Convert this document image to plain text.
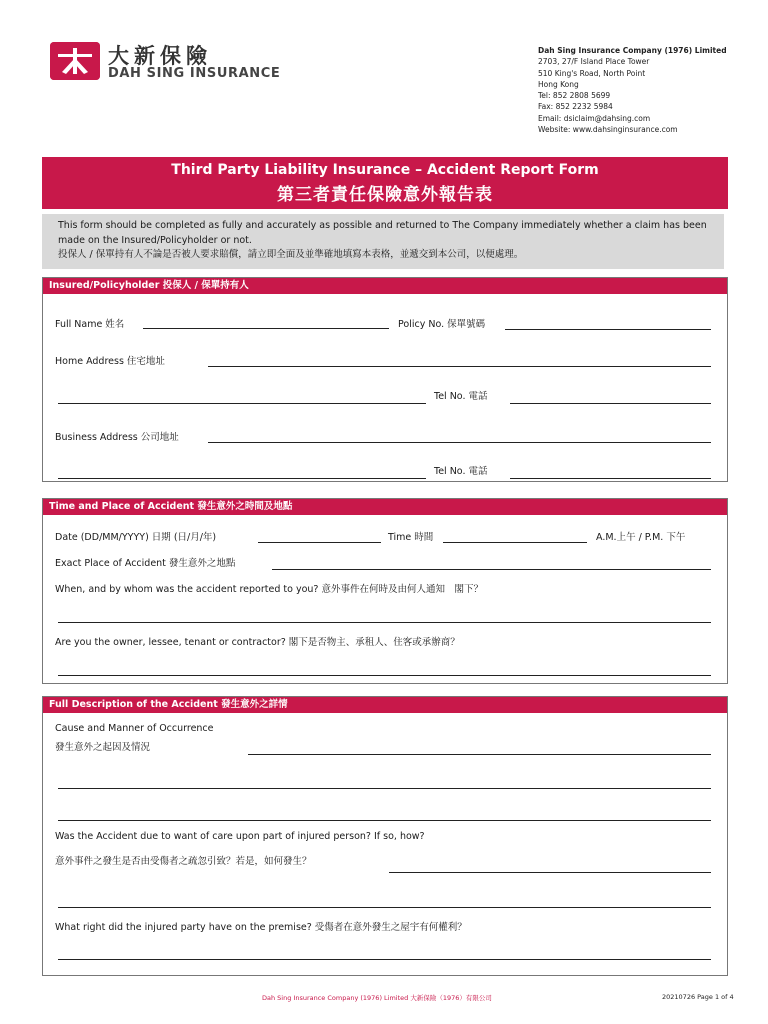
大新保險
DAH SING INSURANCE
Dah Sing Insurance Company (1976) Limited
2703, 27/F Island Place Tower
510 King's Road, North Point
Hong Kong
Tel: 852 2808 5699
Fax: 852 2232 5984
Email: dsiclaim@dahsing.com
Website: www.dahsinginsurance.com
Third Party Liability Insurance – Accident Report Form
第三者責任保險意外報告表
This form should be completed as fully and accurately as possible and returned to The Company immediately whether a claim has been
made on the Insured/Policyholder or not.
投保人 / 保單持有人不論是否被人要求賠償，請立即全面及並準確地填寫本表格，並遞交到本公司，以便處理。
Insured/Policyholder 投保人 / 保單持有人
Full Name 姓名	Policy No. 保單號碼
Home Address 住宅地址
Tel No. 電話
Business Address 公司地址
Tel No. 電話
Time and Place of Accident 發生意外之時間及地點
Date (DD/MM/YYYY) 日期 (日/月/年)	Time 時間	A.M.上午 / P.M. 下午
Exact Place of Accident 發生意外之地點
When, and by whom was the accident reported to you? 意外事件在何時及由何人通知　閣下？
Are you the owner, lessee, tenant or contractor? 閣下是否物主、承租人、住客或承辦商？
Full Description of the Accident 發生意外之詳情
Cause and Manner of Occurrence
發生意外之起因及情況
Was the Accident due to want of care upon part of injured person? If so, how?
意外事件之發生是否由受傷者之疏忽引致？若是，如何發生？
What right did the injured party have on the premise? 受傷者在意外發生之屋宇有何權利？
Dah Sing Insurance Company (1976) Limited 大新保險（1976）有限公司	20210726 Page 1 of 4
